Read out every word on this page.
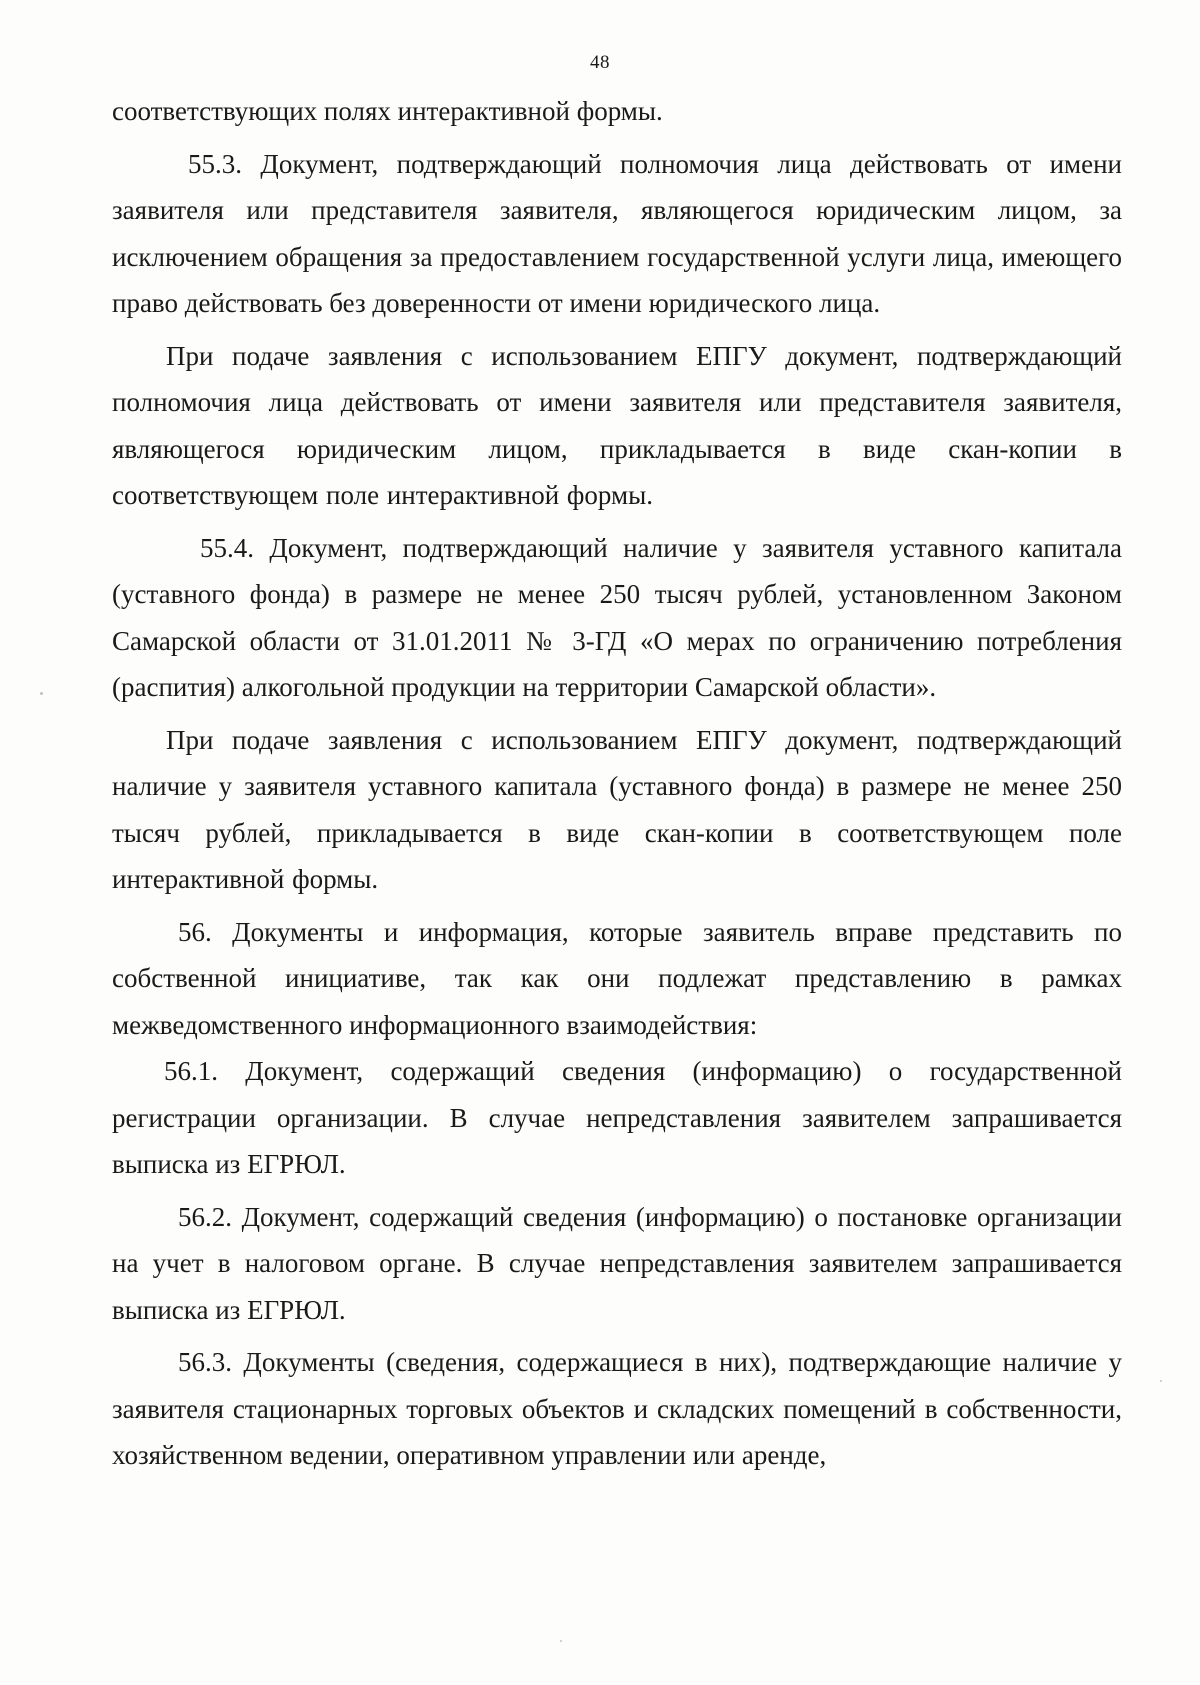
48

соответствующих полях интерактивной формы.

55.3. Документ, подтверждающий полномочия лица действовать от имени заявителя или представителя заявителя, являющегося юридическим лицом, за исключением обращения за предоставлением государственной услуги лица, имеющего право действовать без доверенности от имени юридического лица.

При подаче заявления с использованием ЕПГУ документ, подтверждающий полномочия лица действовать от имени заявителя или представителя заявителя, являющегося юридическим лицом, прикладывается в виде скан-копии в соответствующем поле интерактивной формы.

55.4. Документ, подтверждающий наличие у заявителя уставного капитала (уставного фонда) в размере не менее 250 тысяч рублей, установленном Законом Самарской области от 31.01.2011 № 3-ГД «О мерах по ограничению потребления (распития) алкогольной продукции на территории Самарской области».

При подаче заявления с использованием ЕПГУ документ, подтверждающий наличие у заявителя уставного капитала (уставного фонда) в размере не менее 250 тысяч рублей, прикладывается в виде скан-копии в соответствующем поле интерактивной формы.

56. Документы и информация, которые заявитель вправе представить по собственной инициативе, так как они подлежат представлению в рамках межведомственного информационного взаимодействия:

56.1. Документ, содержащий сведения (информацию) о государственной регистрации организации. В случае непредставления заявителем запрашивается выписка из ЕГРЮЛ.

56.2. Документ, содержащий сведения (информацию) о постановке организации на учет в налоговом органе. В случае непредставления заявителем запрашивается выписка из ЕГРЮЛ.

56.3. Документы (сведения, содержащиеся в них), подтверждающие наличие у заявителя стационарных торговых объектов и складских помещений в собственности, хозяйственном ведении, оперативном управлении или аренде,
